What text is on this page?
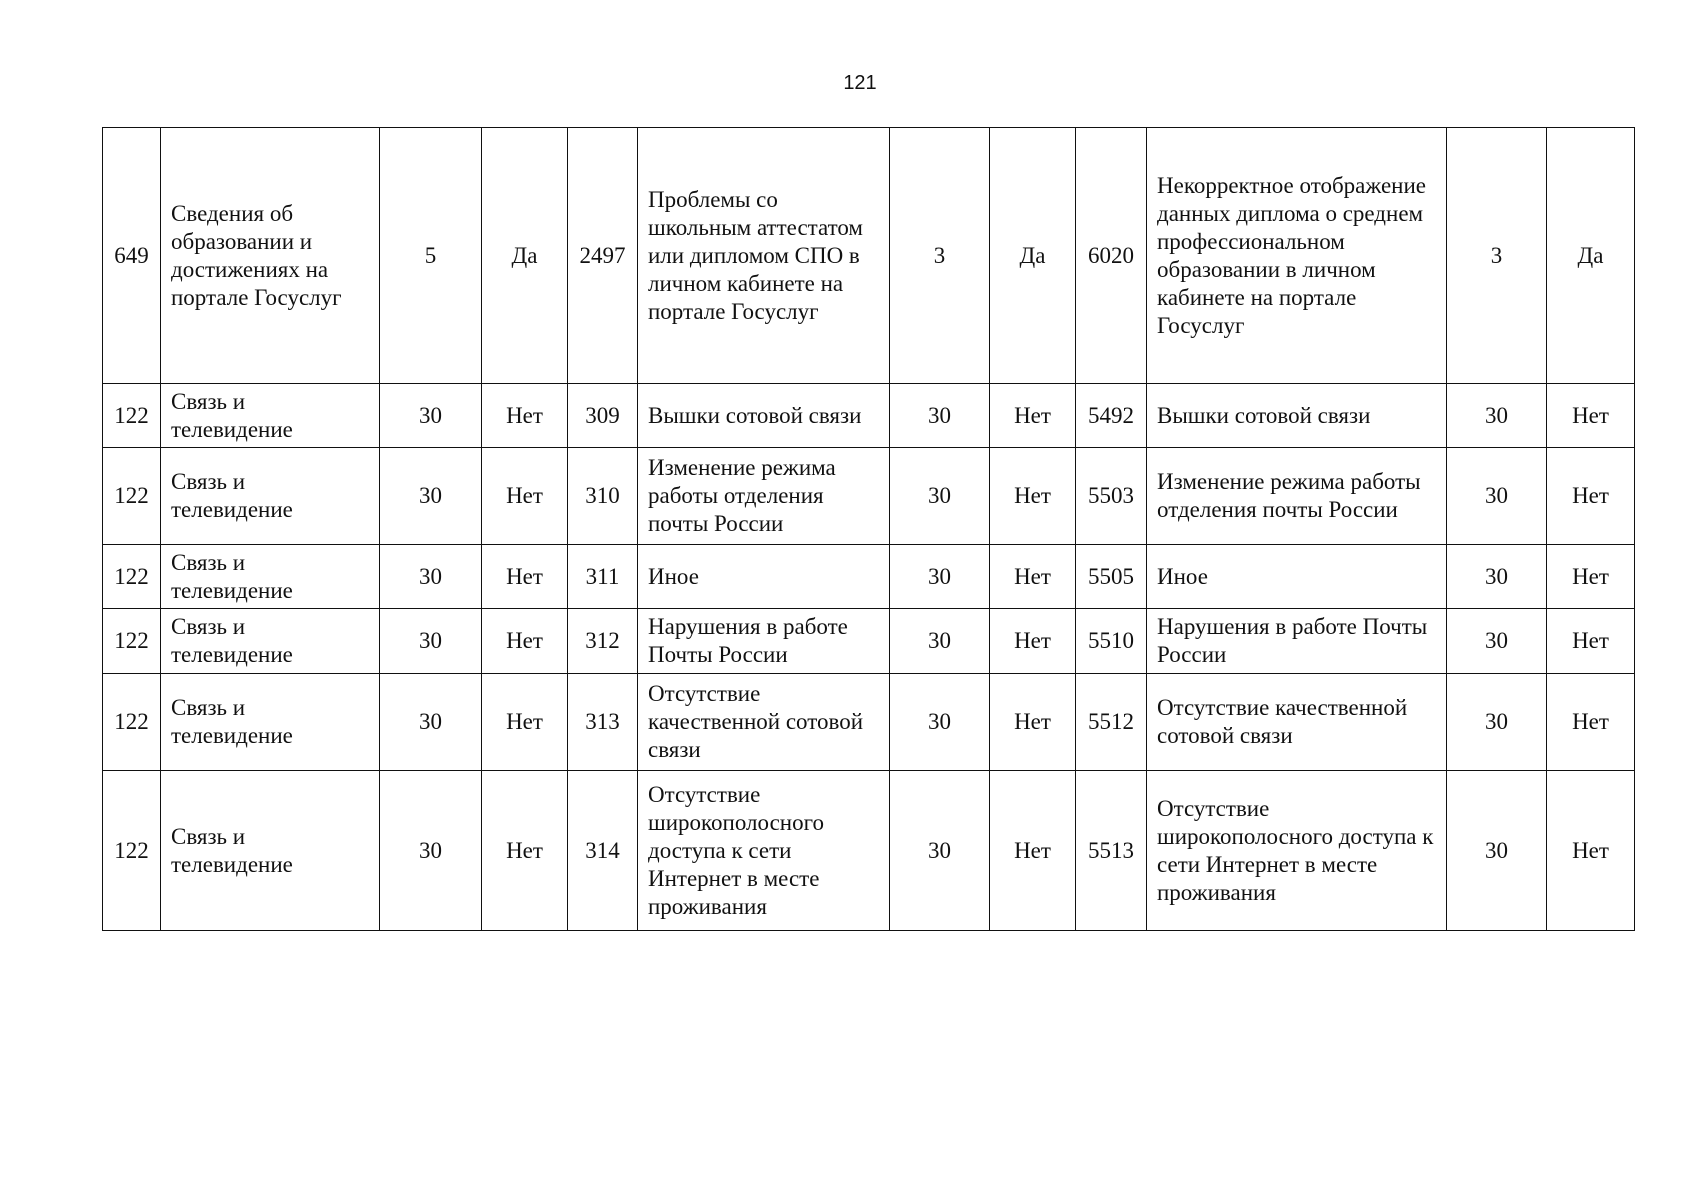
121
649	Сведения об образовании и достижениях на портале Госуслуг	5	Да	2497	Проблемы со школьным аттестатом или дипломом СПО в личном кабинете на портале Госуслуг	3	Да	6020	Некорректное отображение данных диплома о среднем профессиональном образовании в личном кабинете на портале Госуслуг	3	Да
122	Связь и телевидение	30	Нет	309	Вышки сотовой связи	30	Нет	5492	Вышки сотовой связи	30	Нет
122	Связь и телевидение	30	Нет	310	Изменение режима работы отделения почты России	30	Нет	5503	Изменение режима работы отделения почты России	30	Нет
122	Связь и телевидение	30	Нет	311	Иное	30	Нет	5505	Иное	30	Нет
122	Связь и телевидение	30	Нет	312	Нарушения в работе Почты России	30	Нет	5510	Нарушения в работе Почты России	30	Нет
122	Связь и телевидение	30	Нет	313	Отсутствие качественной сотовой связи	30	Нет	5512	Отсутствие качественной сотовой связи	30	Нет
122	Связь и телевидение	30	Нет	314	Отсутствие широкополосного доступа к сети Интернет в месте проживания	30	Нет	5513	Отсутствие широкополосного доступа к сети Интернет в месте проживания	30	Нет
